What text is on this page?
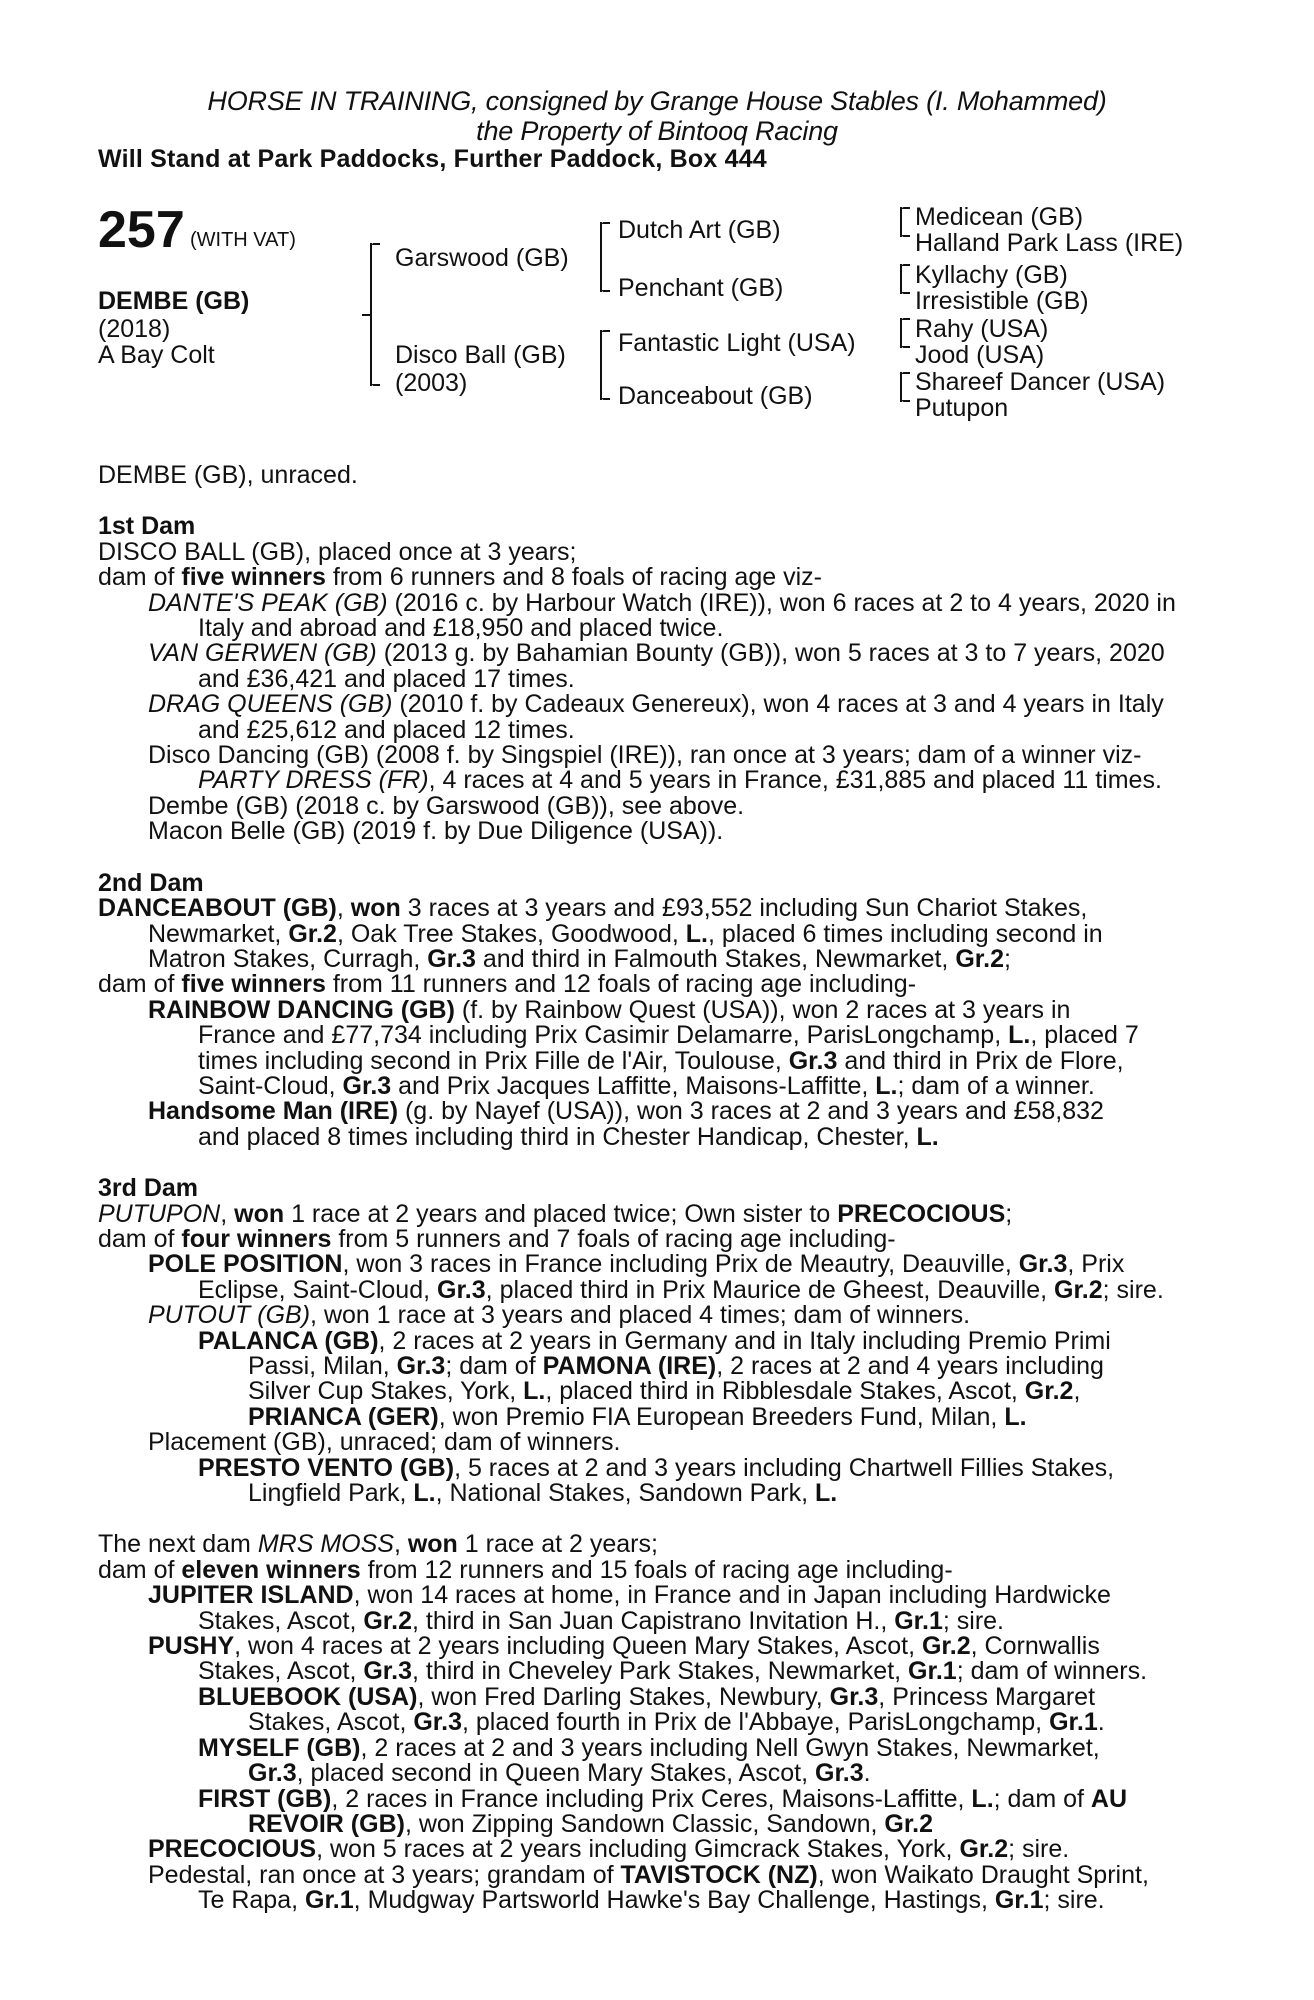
HORSE IN TRAINING, consigned by Grange House Stables (I. Mohammed)
the Property of Bintooq Racing
Will Stand at Park Paddocks, Further Paddock, Box 444
257 (WITH VAT)
DEMBE (GB)
(2018)
A Bay Colt
Garswood (GB)
Disco Ball (GB)
(2003)
Dutch Art (GB)
Penchant (GB)
Fantastic Light (USA)
Danceabout (GB)
Medicean (GB)
Halland Park Lass (IRE)
Kyllachy (GB)
Irresistible (GB)
Rahy (USA)
Jood (USA)
Shareef Dancer (USA)
Putupon
DEMBE (GB), unraced.
1st Dam
DISCO BALL (GB), placed once at 3 years;
dam of five winners from 6 runners and 8 foals of racing age viz-
DANTE'S PEAK (GB) (2016 c. by Harbour Watch (IRE)), won 6 races at 2 to 4 years, 2020 in
Italy and abroad and £18,950 and placed twice.
VAN GERWEN (GB) (2013 g. by Bahamian Bounty (GB)), won 5 races at 3 to 7 years, 2020
and £36,421 and placed 17 times.
DRAG QUEENS (GB) (2010 f. by Cadeaux Genereux), won 4 races at 3 and 4 years in Italy
and £25,612 and placed 12 times.
Disco Dancing (GB) (2008 f. by Singspiel (IRE)), ran once at 3 years; dam of a winner viz-
PARTY DRESS (FR), 4 races at 4 and 5 years in France, £31,885 and placed 11 times.
Dembe (GB) (2018 c. by Garswood (GB)), see above.
Macon Belle (GB) (2019 f. by Due Diligence (USA)).
2nd Dam
DANCEABOUT (GB), won 3 races at 3 years and £93,552 including Sun Chariot Stakes,
Newmarket, Gr.2, Oak Tree Stakes, Goodwood, L., placed 6 times including second in
Matron Stakes, Curragh, Gr.3 and third in Falmouth Stakes, Newmarket, Gr.2;
dam of five winners from 11 runners and 12 foals of racing age including-
RAINBOW DANCING (GB) (f. by Rainbow Quest (USA)), won 2 races at 3 years in
France and £77,734 including Prix Casimir Delamarre, ParisLongchamp, L., placed 7
times including second in Prix Fille de l'Air, Toulouse, Gr.3 and third in Prix de Flore,
Saint-Cloud, Gr.3 and Prix Jacques Laffitte, Maisons-Laffitte, L.; dam of a winner.
Handsome Man (IRE) (g. by Nayef (USA)), won 3 races at 2 and 3 years and £58,832
and placed 8 times including third in Chester Handicap, Chester, L.
3rd Dam
PUTUPON, won 1 race at 2 years and placed twice; Own sister to PRECOCIOUS;
dam of four winners from 5 runners and 7 foals of racing age including-
POLE POSITION, won 3 races in France including Prix de Meautry, Deauville, Gr.3, Prix
Eclipse, Saint-Cloud, Gr.3, placed third in Prix Maurice de Gheest, Deauville, Gr.2; sire.
PUTOUT (GB), won 1 race at 3 years and placed 4 times; dam of winners.
PALANCA (GB), 2 races at 2 years in Germany and in Italy including Premio Primi
Passi, Milan, Gr.3; dam of PAMONA (IRE), 2 races at 2 and 4 years including
Silver Cup Stakes, York, L., placed third in Ribblesdale Stakes, Ascot, Gr.2,
PRIANCA (GER), won Premio FIA European Breeders Fund, Milan, L.
Placement (GB), unraced; dam of winners.
PRESTO VENTO (GB), 5 races at 2 and 3 years including Chartwell Fillies Stakes,
Lingfield Park, L., National Stakes, Sandown Park, L.
The next dam MRS MOSS, won 1 race at 2 years;
dam of eleven winners from 12 runners and 15 foals of racing age including-
JUPITER ISLAND, won 14 races at home, in France and in Japan including Hardwicke
Stakes, Ascot, Gr.2, third in San Juan Capistrano Invitation H., Gr.1; sire.
PUSHY, won 4 races at 2 years including Queen Mary Stakes, Ascot, Gr.2, Cornwallis
Stakes, Ascot, Gr.3, third in Cheveley Park Stakes, Newmarket, Gr.1; dam of winners.
BLUEBOOK (USA), won Fred Darling Stakes, Newbury, Gr.3, Princess Margaret
Stakes, Ascot, Gr.3, placed fourth in Prix de l'Abbaye, ParisLongchamp, Gr.1.
MYSELF (GB), 2 races at 2 and 3 years including Nell Gwyn Stakes, Newmarket,
Gr.3, placed second in Queen Mary Stakes, Ascot, Gr.3.
FIRST (GB), 2 races in France including Prix Ceres, Maisons-Laffitte, L.; dam of AU
REVOIR (GB), won Zipping Sandown Classic, Sandown, Gr.2
PRECOCIOUS, won 5 races at 2 years including Gimcrack Stakes, York, Gr.2; sire.
Pedestal, ran once at 3 years; grandam of TAVISTOCK (NZ), won Waikato Draught Sprint,
Te Rapa, Gr.1, Mudgway Partsworld Hawke's Bay Challenge, Hastings, Gr.1; sire.
